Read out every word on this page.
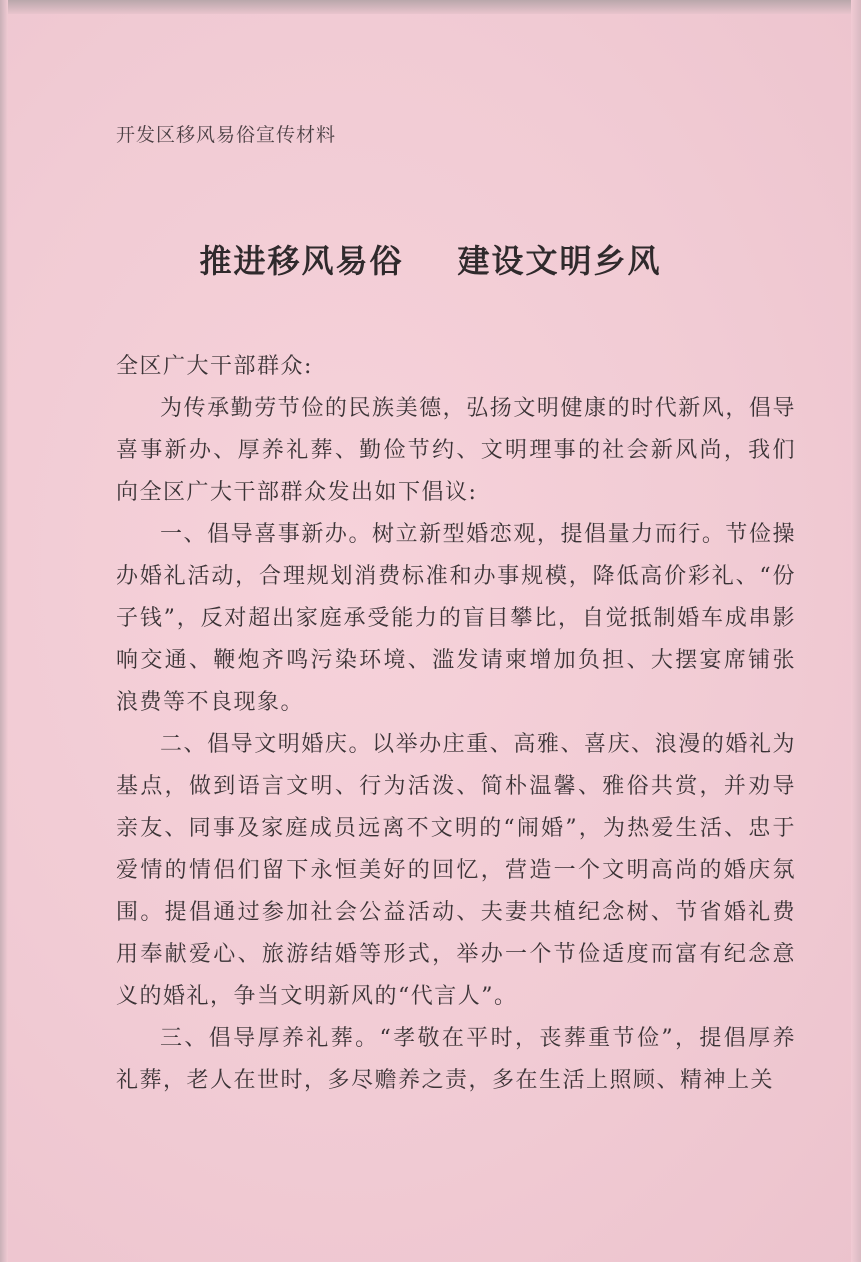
开发区移风易俗宣传材料
推进移风易俗 建设文明乡风

全区广大干部群众:

为传承勤劳节俭的民族美德，弘扬文明健康的时代新风，倡导喜事新办、厚养礼葬、勤俭节约、文明理事的社会新风尚，我们向全区广大干部群众发出如下倡议:

一、倡导喜事新办。树立新型婚恋观，提倡量力而行。节俭操办婚礼活动，合理规划消费标准和办事规模，降低高价彩礼、“份子钱”，反对超出家庭承受能力的盲目攀比，自觉抵制婚车成串影响交通、鞭炮齐鸣污染环境、滥发请柬增加负担、大摆宴席铺张浪费等不良现象。

二、倡导文明婚庆。以举办庄重、高雅、喜庆、浪漫的婚礼为基点，做到语言文明、行为活泼、简朴温馨、雅俗共赏，并劝导亲友、同事及家庭成员远离不文明的“闹婚”，为热爱生活、忠于爱情的情侣们留下永恒美好的回忆，营造一个文明高尚的婚庆氛围。提倡通过参加社会公益活动、夫妻共植纪念树、节省婚礼费用奉献爱心、旅游结婚等形式，举办一个节俭适度而富有纪念意义的婚礼，争当文明新风的“代言人”。

三、倡导厚养礼葬。“孝敬在平时，丧葬重节俭”，提倡厚养礼葬，老人在世时，多尽赡养之责，多在生活上照顾、精神上关
